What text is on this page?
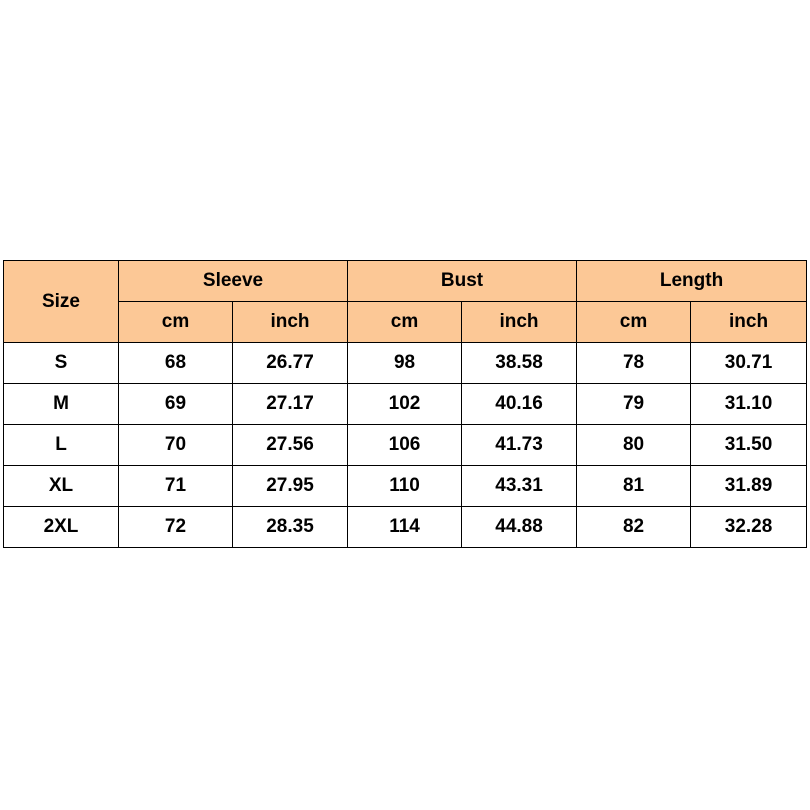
Size	Sleeve		Bust		Length	
	cm	inch	cm	inch	cm	inch
S	68	26.77	98	38.58	78	30.71
M	69	27.17	102	40.16	79	31.10
L	70	27.56	106	41.73	80	31.50
XL	71	27.95	110	43.31	81	31.89
2XL	72	28.35	114	44.88	82	32.28
